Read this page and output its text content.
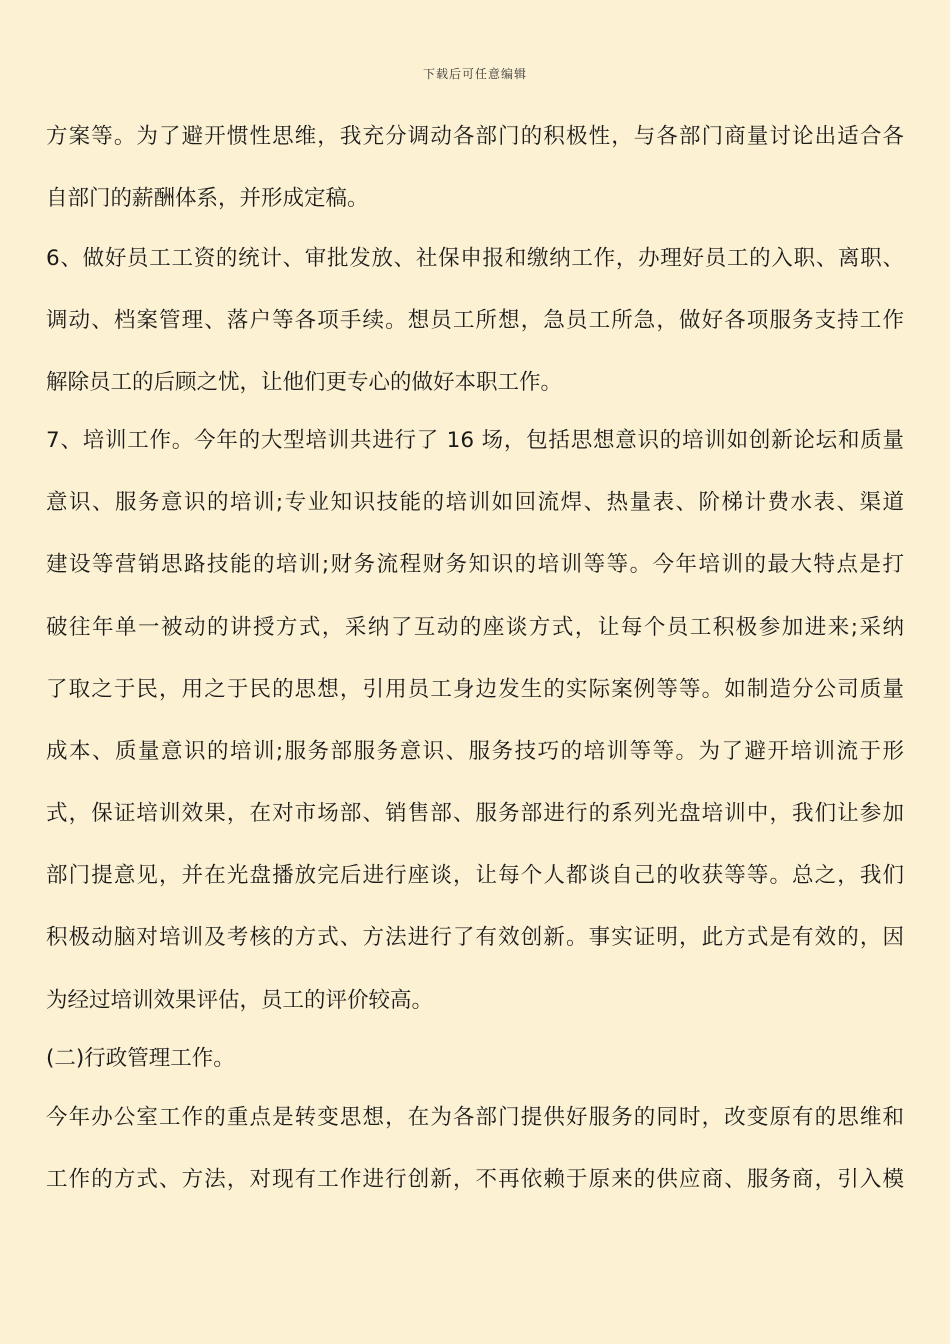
下载后可任意编辑
方案等。为了避开惯性思维，我充分调动各部门的积极性，与各部门商量讨论出适合各
自部门的薪酬体系，并形成定稿。
6、做好员工工资的统计、审批发放、社保申报和缴纳工作，办理好员工的入职、离职、
调动、档案管理、落户等各项手续。想员工所想，急员工所急，做好各项服务支持工作
解除员工的后顾之忧，让他们更专心的做好本职工作。
7、培训工作。今年的大型培训共进行了 16 场，包括思想意识的培训如创新论坛和质量
意识、服务意识的培训;专业知识技能的培训如回流焊、热量表、阶梯计费水表、渠道
建设等营销思路技能的培训;财务流程财务知识的培训等等。今年培训的最大特点是打
破往年单一被动的讲授方式，采纳了互动的座谈方式，让每个员工积极参加进来;采纳
了取之于民，用之于民的思想，引用员工身边发生的实际案例等等。如制造分公司质量
成本、质量意识的培训;服务部服务意识、服务技巧的培训等等。为了避开培训流于形
式，保证培训效果，在对市场部、销售部、服务部进行的系列光盘培训中，我们让参加
部门提意见，并在光盘播放完后进行座谈，让每个人都谈自己的收获等等。总之，我们
积极动脑对培训及考核的方式、方法进行了有效创新。事实证明，此方式是有效的，因
为经过培训效果评估，员工的评价较高。
(二)行政管理工作。
今年办公室工作的重点是转变思想，在为各部门提供好服务的同时，改变原有的思维和
工作的方式、方法，对现有工作进行创新，不再依赖于原来的供应商、服务商，引入模
